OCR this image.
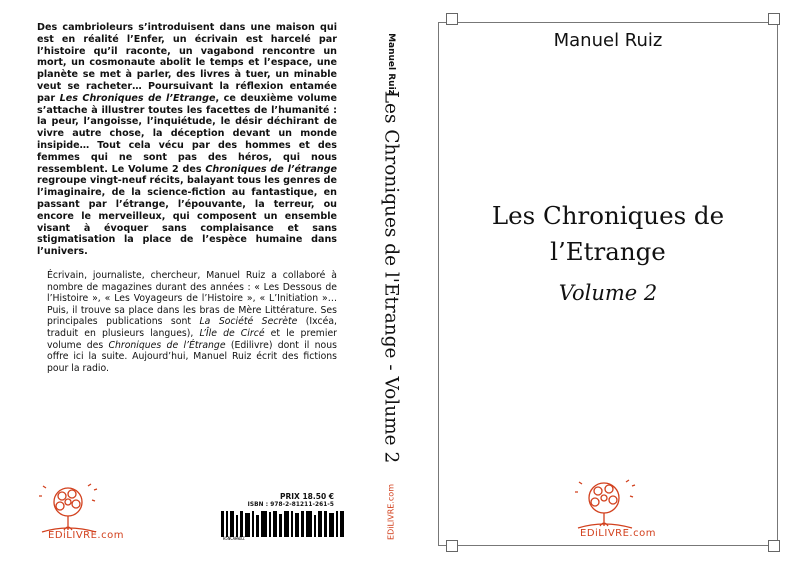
Des cambrioleurs s’introduisent dans une maison qui est en réalité l’Enfer, un écrivain est harcelé par l’histoire qu’il raconte, un vagabond rencontre un mort, un cosmonaute abolit le temps et l’espace, une planète se met à parler, des livres à tuer, un minable veut se racheter… Poursuivant la réflexion entamée par Les Chroniques de l’Etrange, ce deuxième volume s’attache à illustrer toutes les facettes de l’humanité : la peur, l’angoisse, l’inquiétude, le désir déchirant de vivre autre chose, la déception devant un monde insipide… Tout cela vécu par des hommes et des femmes qui ne sont pas des héros, qui nous ressemblent. Le Volume 2 des Chroniques de l’étrange regroupe vingt-neuf récits, balayant tous les genres de l’imaginaire, de la science-fiction au fantastique, en passant par l’étrange, l’épouvante, la terreur, ou encore le merveilleux, qui composent un ensemble visant à évoquer sans complaisance et sans stigmatisation la place de l’espèce humaine dans l’univers.

Écrivain, journaliste, chercheur, Manuel Ruiz a collaboré à nombre de magazines durant des années : « Les Dessous de l’Histoire », « Les Voyageurs de l’Histoire », « L’Initiation »… Puis, il trouve sa place dans les bras de Mère Littérature. Ses principales publications sont La Société Secrète (Ixcéa, traduit en plusieurs langues), L’Île de Circé et le premier volume des Chroniques de l’Étrange (Edilivre) dont il nous offre ici la suite. Aujourd’hui, Manuel Ruiz écrit des fictions pour la radio.

EDiLIVRE.com
PRIX 18.50 €
ISBN : 978-2-81211-261-5
H5NCAHWXZ
Manuel Ruiz
Les Chroniques de l'Etrange - Volume 2
EDiLIVRE.com
Manuel Ruiz
Les Chroniques de
l’Etrange
Volume 2
EDiLIVRE.com
